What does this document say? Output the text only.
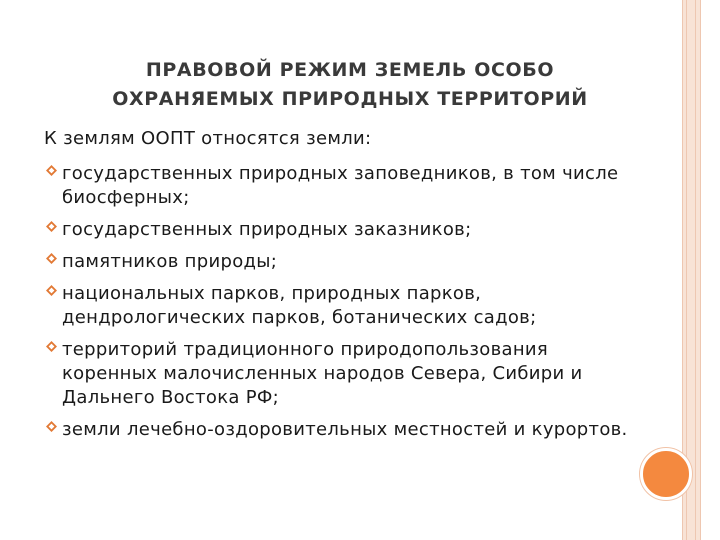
ПРАВОВОЙ РЕЖИМ ЗЕМЕЛЬ ОСОБО
ОХРАНЯЕМЫХ ПРИРОДНЫХ ТЕРРИТОРИЙ
К землям ООПТ относятся земли:
государственных природных заповедников, в том числе биосферных;
государственных природных заказников;
памятников природы;
национальных парков, природных парков, дендрологических парков, ботанических садов;
территорий традиционного природопользования коренных малочисленных народов Севера, Сибири и Дальнего Востока РФ;
земли лечебно-оздоровительных местностей и курортов.
